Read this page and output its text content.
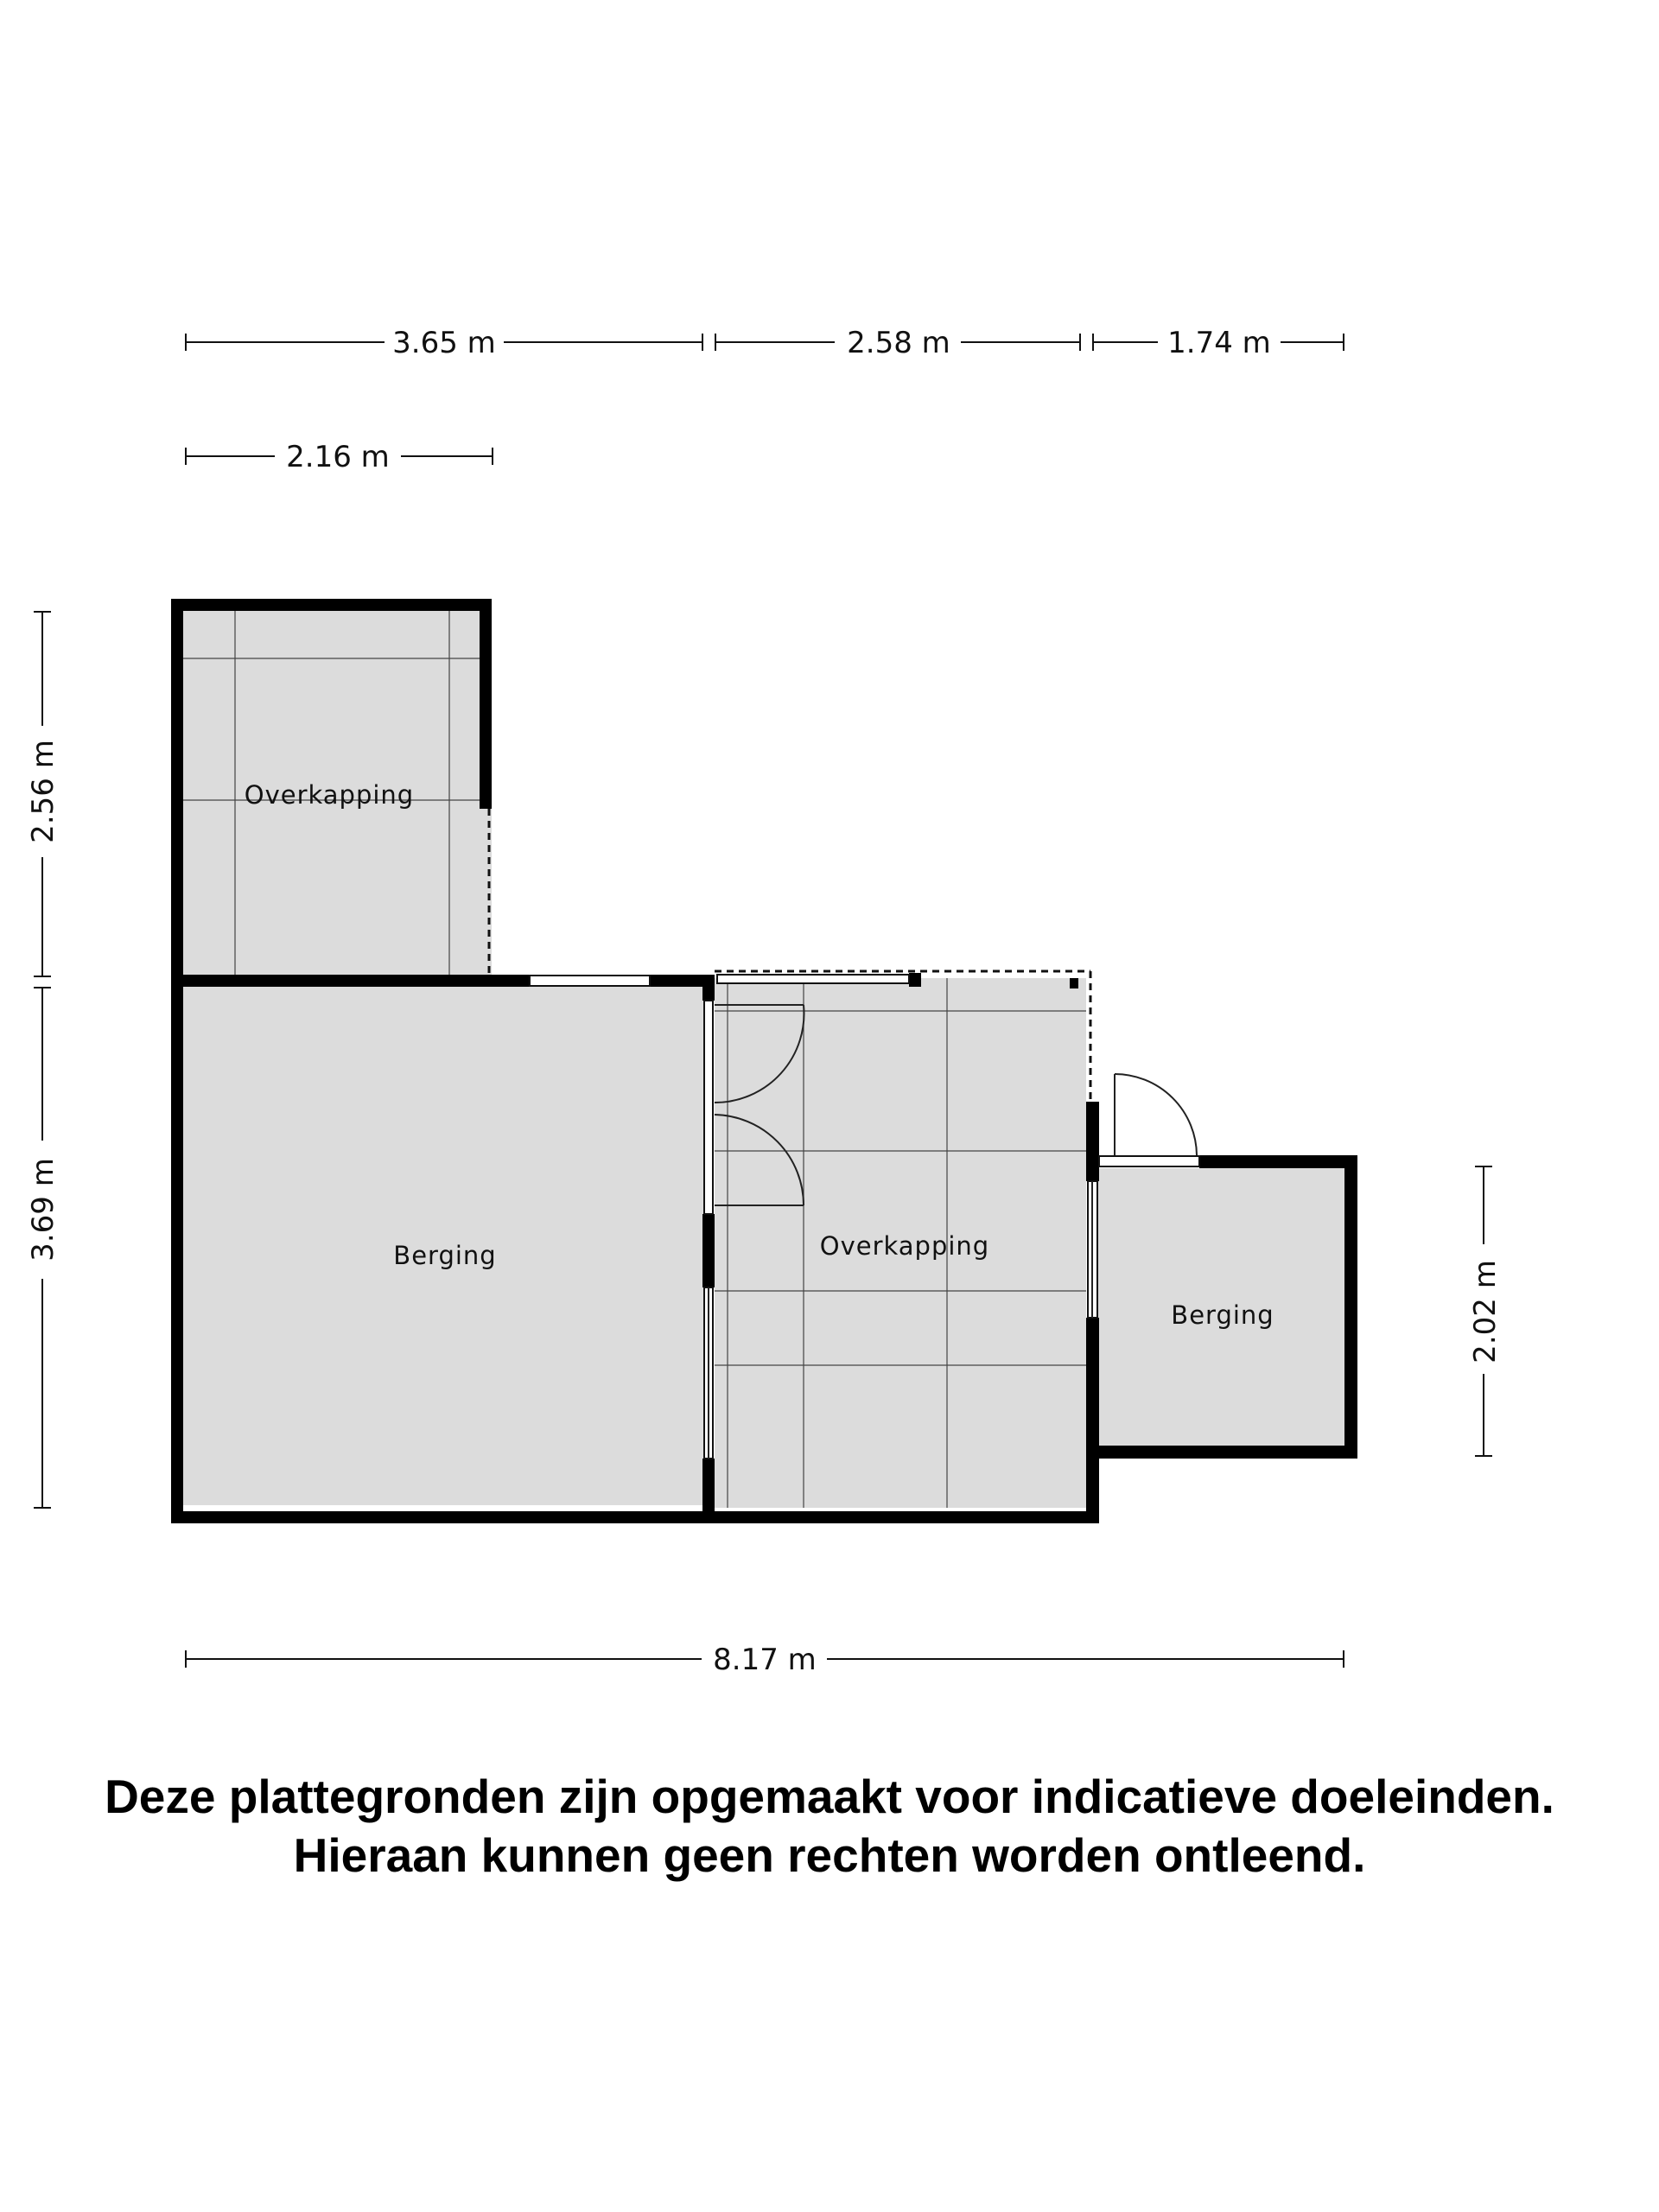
3.65 m	2.58 m	1.74 m
2.16 m
2.56 m
3.69 m
2.02 m
8.17 m
Overkapping
Berging	Overkapping
Berging
Deze plattegronden zijn opgemaakt voor indicatieve doeleinden.
Hieraan kunnen geen rechten worden ontleend.
